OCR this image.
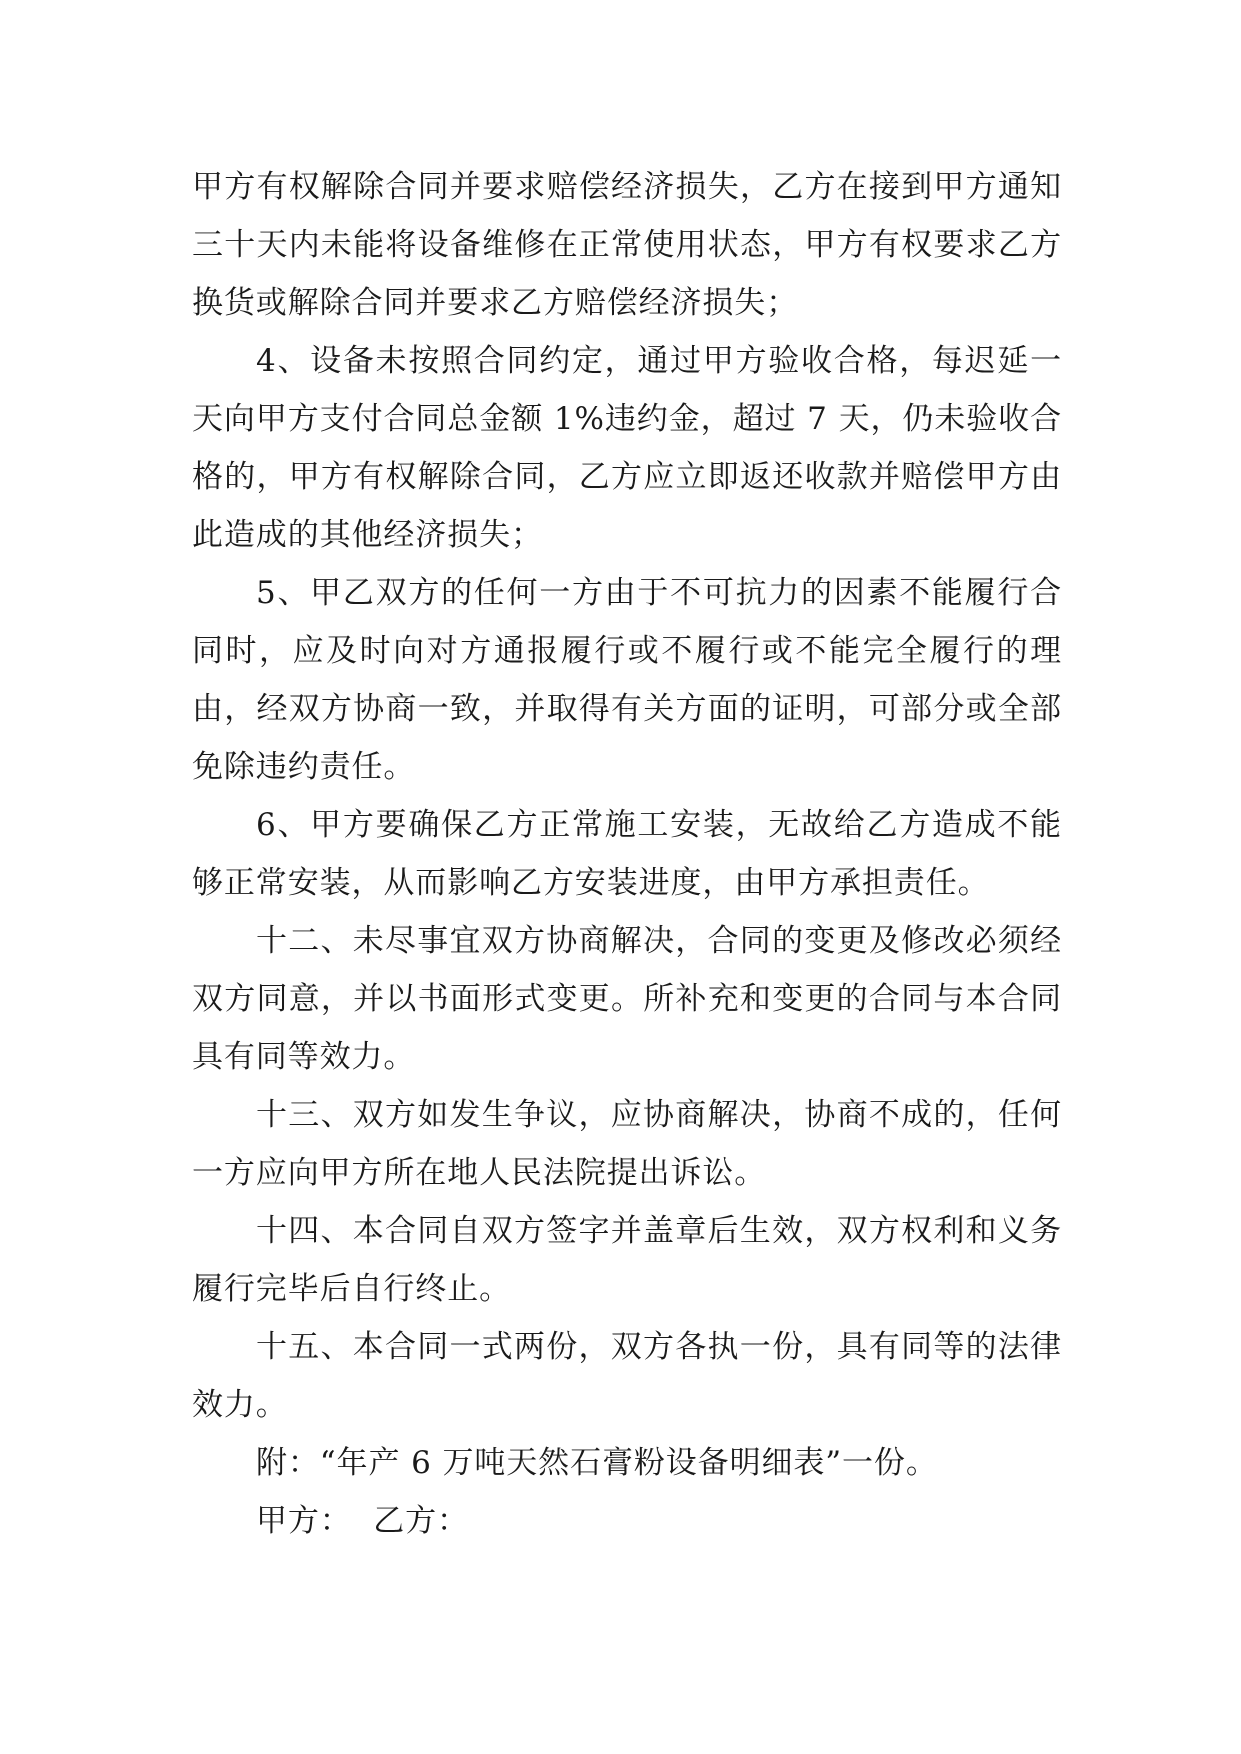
甲方有权解除合同并要求赔偿经济损失，乙方在接到甲方通知三十天内未能将设备维修在正常使用状态，甲方有权要求乙方换货或解除合同并要求乙方赔偿经济损失；

4、设备未按照合同约定，通过甲方验收合格，每迟延一天向甲方支付合同总金额 1%违约金，超过 7 天，仍未验收合格的，甲方有权解除合同，乙方应立即返还收款并赔偿甲方由此造成的其他经济损失；

5、甲乙双方的任何一方由于不可抗力的因素不能履行合同时，应及时向对方通报履行或不履行或不能完全履行的理由，经双方协商一致，并取得有关方面的证明，可部分或全部免除违约责任。

6、甲方要确保乙方正常施工安装，无故给乙方造成不能够正常安装，从而影响乙方安装进度，由甲方承担责任。

十二、未尽事宜双方协商解决，合同的变更及修改必须经双方同意，并以书面形式变更。所补充和变更的合同与本合同具有同等效力。

十三、双方如发生争议，应协商解决，协商不成的，任何一方应向甲方所在地人民法院提出诉讼。

十四、本合同自双方签字并盖章后生效，双方权利和义务履行完毕后自行终止。

十五、本合同一式两份，双方各执一份，具有同等的法律效力。

附：“年产 6 万吨天然石膏粉设备明细表”一份。

甲方：  乙方：
